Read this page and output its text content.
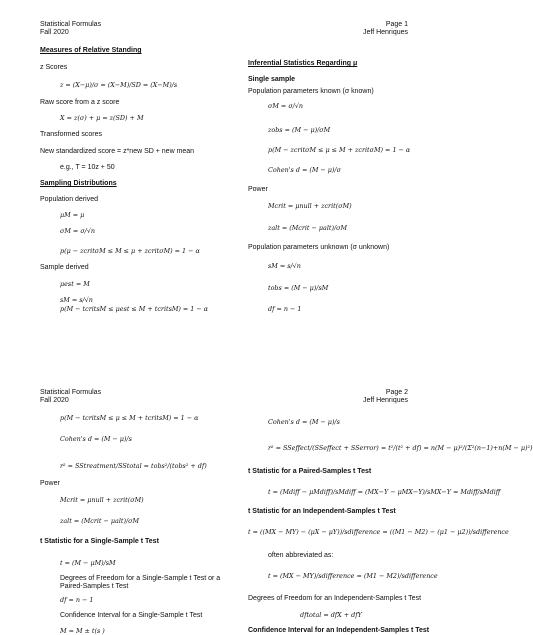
Statistical Formulas
Fall 2020
Page 1
Jeff Henriques
Measures of Relative Standing
z Scores
z = (X−μ)/σ = (X−M)/SD = (X−M)/s
Raw score from a z score
X = z(σ) + μ = z(SD) + M
Transformed scores
New standardized score = z*new SD + new mean
e.g., T = 10z + 50
Sampling Distributions
Population derived
μM = μ
σM = σ/√n
p(μ − zcritσM ≤ M ≤ μ + zcritσM) = 1 − α
Sample derived
μest = M
sM = s/√n
p(M − tcritsM ≤ μest ≤ M + tcritsM) = 1 − α
Inferential Statistics Regarding μ
Single sample
Population parameters known (σ known)
σM = σ/√n
zobs = (M − μ)/σM
p(M − zcritσM ≤ μ ≤ M + zcritσM) = 1 − α
Cohen's d = (M − μ)/σ
Power
Mcrit = μnull + zcrit(σM)
zalt = (Mcrit − μalt)/σM
Population parameters unknown (σ unknown)
sM = s/√n
tobs = (M − μ)/sM
df = n − 1
Statistical Formulas
Fall 2020
Page 2
Jeff Henriques
p(M − tcritsM ≤ μ ≤ M + tcritsM) = 1 − α
Cohen's d = (M − μ)/s
r² = SStreatment/SStotal = tobs²/(tobs² + df)
Power
Mcrit = μnull + zcrit(σM)
zalt = (Mcrit − μalt)/σM
t Statistic for a Single-Sample t Test
t = (M − μM)/sM
Degrees of Freedom for a Single-Sample t Test or a
Paired-Samples t Test
df = n − 1
Confidence Interval for a Single-Sample t Test
M = M ± t(s )
Cohen's d = (M − μ)/s
r² = SSeffect/(SSeffect + SSerror) = t²/(t² + df) = n(M − μ)²/(Σ²(n−1)+n(M − μ)²)
t Statistic for a Paired-Samples t Test
t = (Mdiff − μMdiff)/sMdiff = (MX−Y − μMX−Y)/sMX−Y = Mdiff/sMdiff
t Statistic for an Independent-Samples t Test
t = ((MX − MY) − (μX − μY))/sdifference = ((M1 − M2) − (μ1 − μ2))/sdifference
often abbreviated as:
t = (MX − MY)/sdifference = (M1 − M2)/sdifference
Degrees of Freedom for an Independent-Samples t Test
dftotal = dfX + dfY
Confidence Interval for an Independent-Samples t Test
